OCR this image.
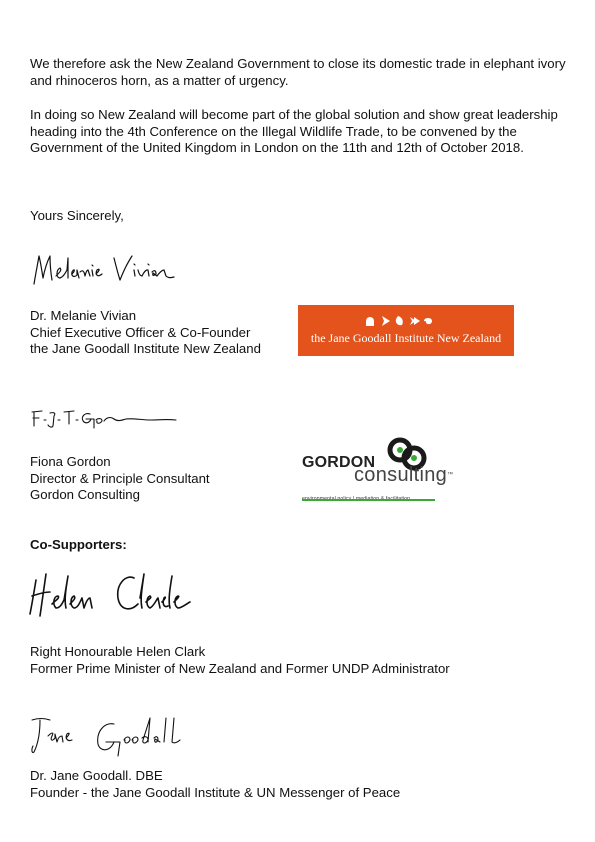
We therefore ask the New Zealand Government to close its domestic trade in elephant ivory and rhinoceros horn, as a matter of urgency.

In doing so New Zealand will become part of the global solution and show great leadership heading into the 4th Conference on the Illegal Wildlife Trade, to be convened by the Government of the United Kingdom in London on the 11th and 12th of October 2018.

Yours Sincerely,

Dr. Melanie Vivian

Chief Executive Officer & Co-Founder

the Jane Goodall Institute New Zealand

the Jane Goodall Institute New Zealand

Fiona Gordon

Director & Principle Consultant

Gordon Consulting

GORDON
consulting™

Co-Supporters:

Right Honourable Helen Clark

Former Prime Minister of New Zealand and Former UNDP Administrator

Dr. Jane Goodall. DBE

Founder - the Jane Goodall Institute & UN Messenger of Peace
